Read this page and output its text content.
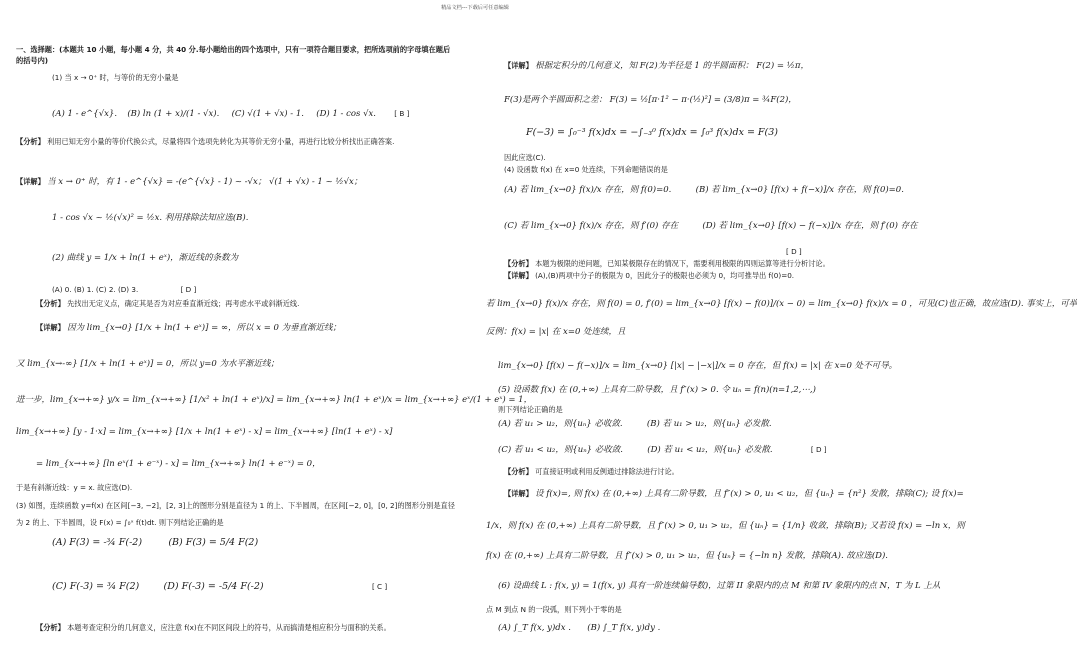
精品文档---下载后可任意编辑
一、选择题：(本题共 10 小题，每小题 4 分，共 40 分.每小题给出的四个选项中，只有一项符合题目要求，把所选项前的字母填在题后的括号内)
(1) 当 x → 0⁺ 时，与等价的无穷小量是
(A) 1 - e^{√x}. (B) ln (1 + x)/(1 - √x). (C) √(1 + √x) - 1. (D) 1 - cos √x.	[ B ]
【分析】 利用已知无穷小量的等价代换公式，尽量将四个选项先转化为其等价无穷小量，再进行比较分析找出正确答案.
【详解】 当 x → 0⁺ 时，有 1 - e^{√x} = -(e^{√x} - 1) ~ -√x； √(1 + √x) - 1 ~ ½√x；
1 - cos √x ~ ½(√x)² = ½x. 利用排除法知应选(B).
(2) 曲线 y = 1/x + ln(1 + eˣ)，渐近线的条数为
(A) 0. (B) 1. (C) 2. (D) 3.	[ D ]
【分析】 先找出无定义点，确定其是否为对应垂直渐近线；再考虑水平或斜渐近线.
【详解】 因为 lim_{x→0} [1/x + ln(1 + eˣ)] = ∞，所以 x = 0 为垂直渐近线；
又 lim_{x→-∞} [1/x + ln(1 + eˣ)] = 0，所以 y=0 为水平渐近线；
进一步，lim_{x→+∞} y/x = lim_{x→+∞} [1/x² + ln(1 + eˣ)/x] = lim_{x→+∞} ln(1 + eˣ)/x = lim_{x→+∞} eˣ/(1 + eˣ) = 1，
lim_{x→+∞} [y - 1·x] = lim_{x→+∞} [1/x + ln(1 + eˣ) - x] = lim_{x→+∞} [ln(1 + eˣ) - x]
= lim_{x→+∞} [ln eˣ(1 + e⁻ˣ) - x] = lim_{x→+∞} ln(1 + e⁻ˣ) = 0，
于是有斜渐近线：y = x. 故应选(D).
(3) 如图，连续函数 y=f(x) 在区间[−3, −2]，[2, 3]上的图形分别是直径为 1 的上、下半圆周，在区间[−2, 0]，[0, 2]的图形分别是直径为 2 的上、下半圆周，设 F(x) = ∫₀ˣ f(t)dt. 则下列结论正确的是
(A) F(3) = -¾ F(-2)	(B) F(3) = 5/4 F(2)
(C) F(-3) = ¾ F(2)	(D) F(-3) = -5/4 F(-2)	[ C ]
【分析】 本题考查定积分的几何意义，应注意 f(x)在不同区间段上的符号，从而搞清楚相应积分与面积的关系。
【详解】 根据定积分的几何意义，知 F(2)为半径是 1 的半圆面积： F(2) = ½π，
F(3)是两个半圆面积之差： F(3) = ½[π·1² − π·(½)²] = (3/8)π = ¾F(2)，
F(−3) = ∫₀⁻³ f(x)dx = −∫₋₃⁰ f(x)dx = ∫₀³ f(x)dx = F(3)
因此应选(C).
(4) 设函数 f(x) 在 x=0 处连续，下列命题错误的是
(A) 若 lim_{x→0} f(x)/x 存在，则 f(0)=0.	(B) 若 lim_{x→0} [f(x) + f(−x)]/x 存在，则 f(0)=0.
(C) 若 lim_{x→0} f(x)/x 存在，则 f′(0) 存在	(D) 若 lim_{x→0} [f(x) − f(−x)]/x 存在，则 f′(0) 存在
[ D ]
【分析】 本题为极限的逆问题，已知某极限存在的情况下，需要利用极限的四则运算等进行分析讨论。
【详解】 (A),(B)两项中分子的极限为 0，因此分子的极限也必须为 0，均可推导出 f(0)=0.
若 lim_{x→0} f(x)/x 存在，则 f(0) = 0, f′(0) = lim_{x→0} [f(x) − f(0)]/(x − 0) = lim_{x→0} f(x)/x = 0 ，可见(C)也正确，故应选(D). 事实上，可举
反例：f(x) = |x| 在 x=0 处连续，且
lim_{x→0} [f(x) − f(−x)]/x = lim_{x→0} [|x| − |−x|]/x = 0 存在，但 f(x) = |x| 在 x=0 处不可导。
(5) 设函数 f(x) 在 (0,+∞) 上具有二阶导数，且 f″(x) > 0. 令 uₙ = f(n)(n=1,2,⋯,)
则下列结论正确的是
(A) 若 u₁ > u₂，则{uₙ} 必收敛.	(B) 若 u₁ > u₂，则{uₙ} 必发散.
(C) 若 u₁ < u₂，则{uₙ} 必收敛.	(D) 若 u₁ < u₂，则{uₙ} 必发散.	[ D ]
【分析】 可直接证明或利用反例通过排除法进行讨论。
【详解】 设 f(x)=, 则 f(x) 在 (0,+∞) 上具有二阶导数，且 f″(x) > 0, u₁ < u₂，但 {uₙ} = {n²} 发散，排除(C); 设 f(x)=
1/x，则 f(x) 在 (0,+∞) 上具有二阶导数，且 f″(x) > 0, u₁ > u₂，但 {uₙ} = {1/n} 收敛，排除(B); 又若设 f(x) = −ln x，则
f(x) 在 (0,+∞) 上具有二阶导数，且 f″(x) > 0, u₁ > u₂，但 {uₙ} = {−ln n} 发散，排除(A). 故应选(D).
(6) 设曲线 L : f(x, y) = 1(f(x, y) 具有一阶连续偏导数)，过第 II 象限内的点 M 和第 IV 象限内的点 N，T 为 L 上从
点 M 到点 N 的一段弧，则下列小于零的是
(A) ∫_T f(x, y)dx . (B) ∫_T f(x, y)dy .
